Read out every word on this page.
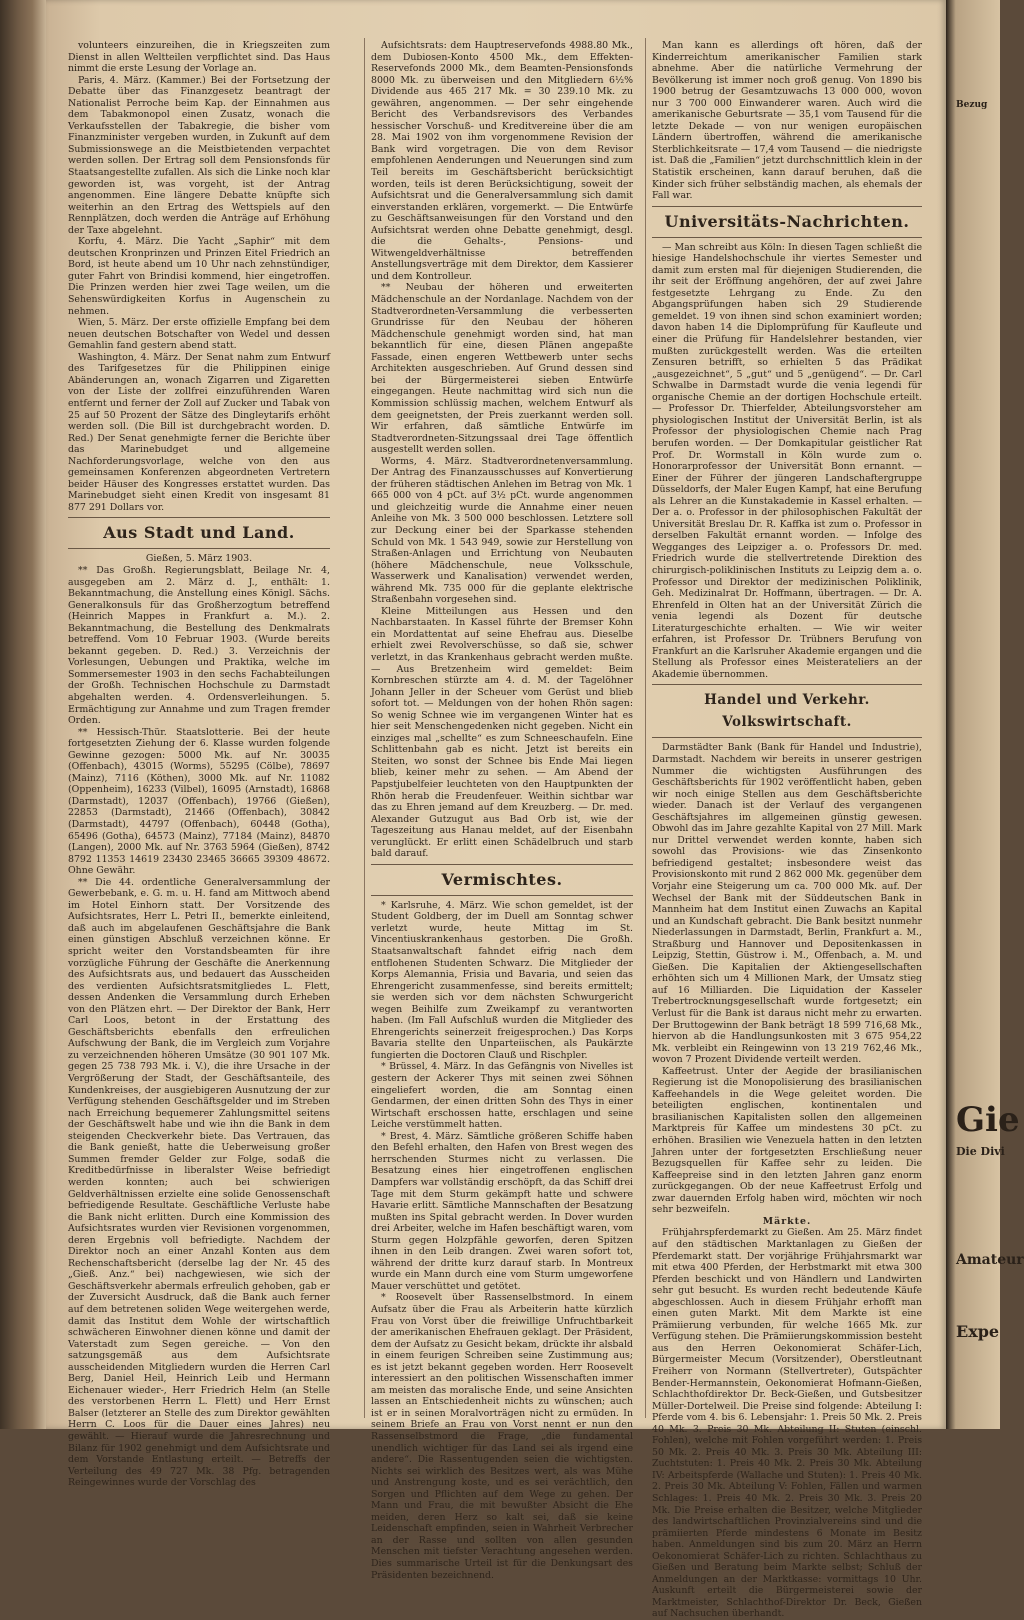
volunteers einzureihen, die in Kriegszeiten zum Dienst in allen Weltteilen verpflichtet sind. Das Haus nimmt die erste Lesung der Vorlage an.

Paris, 4. März. (Kammer.) Bei der Fortsetzung der Debatte über das Finanzgesetz beantragt der Nationalist Perroche beim Kap. der Einnahmen aus dem Tabakmonopol einen Zusatz, wonach die Verkaufsstellen der Tabakregie, die bisher vom Finanzminister vergeben wurden, in Zukunft auf dem Submissionswege an die Meistbietenden verpachtet werden sollen. Der Ertrag soll dem Pensionsfonds für Staatsangestellte zufallen. Als sich die Linke noch klar geworden ist, was vorgeht, ist der Antrag angenommen. Eine längere Debatte knüpfte sich weiterhin an den Ertrag des Wettspiels auf den Rennplätzen, doch werden die Anträge auf Erhöhung der Taxe abgelehnt.

Korfu, 4. März. Die Yacht „Saphir“ mit dem deutschen Kronprinzen und Prinzen Eitel Friedrich an Bord, ist heute abend um 10 Uhr nach zehnstündiger, guter Fahrt von Brindisi kommend, hier eingetroffen. Die Prinzen werden hier zwei Tage weilen, um die Sehenswürdigkeiten Korfus in Augenschein zu nehmen.

Wien, 5. März. Der erste offizielle Empfang bei dem neuen deutschen Botschafter von Wedel und dessen Gemahlin fand gestern abend statt.

Washington, 4. März. Der Senat nahm zum Entwurf des Tarifgesetzes für die Philippinen einige Abänderungen an, wonach Zigarren und Zigaretten von der Liste der zollfrei einzuführenden Waren entfernt und ferner der Zoll auf Zucker und Tabak von 25 auf 50 Prozent der Sätze des Dingleytarifs erhöht werden soll. (Die Bill ist durchgebracht worden. D. Red.) Der Senat genehmigte ferner die Berichte über das Marinebudget und allgemeine Nachforderungsvorlage, welche von den aus gemeinsamen Konferenzen abgeordneten Vertretern beider Häuser des Kongresses erstattet wurden. Das Marinebudget sieht einen Kredit von insgesamt 81 877 291 Dollars vor.

Aus Stadt und Land.

Gießen, 5. März 1903.

** Das Großh. Regierungsblatt, Beilage Nr. 4, ausgegeben am 2. März d. J., enthält: 1. Bekanntmachung, die Anstellung eines Königl. Sächs. Generalkonsuls für das Großherzogtum betreffend (Heinrich Mappes in Frankfurt a. M.). 2. Bekanntmachung, die Bestellung des Denkmalrats betreffend. Vom 10 Februar 1903. (Wurde bereits bekannt gegeben. D. Red.) 3. Verzeichnis der Vorlesungen, Uebungen und Praktika, welche im Sommersemester 1903 in den sechs Fachabteilungen der Großh. Technischen Hochschule zu Darmstadt abgehalten werden. 4. Ordensverleihungen. 5. Ermächtigung zur Annahme und zum Tragen fremder Orden.

** Hessisch-Thür. Staatslotterie. Bei der heute fortgesetzten Ziehung der 6. Klasse wurden folgende Gewinne gezogen: 5000 Mk. auf Nr. 30035 (Offenbach), 43015 (Worms), 55295 (Cölbe), 78697 (Mainz), 7116 (Köthen), 3000 Mk. auf Nr. 11082 (Oppenheim), 16233 (Vilbel), 16095 (Arnstadt), 16868 (Darmstadt), 12037 (Offenbach), 19766 (Gießen), 22853 (Darmstadt), 21466 (Offenbach), 30842 (Darmstadt), 44797 (Offenbach), 60448 (Gotha), 65496 (Gotha), 64573 (Mainz), 77184 (Mainz), 84870 (Langen), 2000 Mk. auf Nr. 3763 5964 (Gießen), 8742 8792 11353 14619 23430 23465 36665 39309 48672. Ohne Gewähr.

** Die 44. ordentliche Generalversammlung der Gewerbebank, e. G. m. u. H. fand am Mittwoch abend im Hotel Einhorn statt. Der Vorsitzende des Aufsichtsrates, Herr L. Petri II., bemerkte einleitend, daß auch im abgelaufenen Geschäftsjahre die Bank einen günstigen Abschluß verzeichnen könne. Er spricht weiter den Vorstandsbeamten für ihre vorzügliche Führung der Geschäfte die Anerkennung des Aufsichtsrats aus, und bedauert das Ausscheiden des verdienten Aufsichtsratsmitgliedes L. Flett, dessen Andenken die Versammlung durch Erheben von den Plätzen ehrt. — Der Direktor der Bank, Herr Carl Loos, betont in der Erstattung des Geschäftsberichts ebenfalls den erfreulichen Aufschwung der Bank, die im Vergleich zum Vorjahre zu verzeichnenden höheren Umsätze (30 901 107 Mk. gegen 25 738 793 Mk. i. V.), die ihre Ursache in der Vergrößerung der Stadt, der Geschäftsanteile, des Kundenkreises, der ausgiebigeren Ausnutzung der zur Verfügung stehenden Geschäftsgelder und im Streben nach Erreichung bequemerer Zahlungsmittel seitens der Geschäftswelt habe und wie ihn die Bank in dem steigenden Checkverkehr biete. Das Vertrauen, das die Bank genießt, hatte die Ueberweisung großer Summen fremder Gelder zur Folge, sodaß die Kreditbedürfnisse in liberalster Weise befriedigt werden konnten; auch bei schwierigen Geldverhältnissen erzielte eine solide Genossenschaft befriedigende Resultate. Geschäftliche Verluste habe die Bank nicht erlitten. Durch eine Kommission des Aufsichtsrates wurden vier Revisionen vorgenommen, deren Ergebnis voll befriedigte. Nachdem der Direktor noch an einer Anzahl Konten aus dem Rechenschaftsbericht (derselbe lag der Nr. 45 des „Gieß. Anz.“ bei) nachgewiesen, wie sich der Geschäftsverkehr abermals erfreulich gehoben, gab er der Zuversicht Ausdruck, daß die Bank auch ferner auf dem betretenen soliden Wege weitergehen werde, damit das Institut dem Wohle der wirtschaftlich schwächeren Einwohner dienen könne und damit der Vaterstadt zum Segen gereiche. — Von den satzungsgemäß aus dem Aufsichtsrate ausscheidenden Mitgliedern wurden die Herren Carl Berg, Daniel Heil, Heinrich Leib und Hermann Eichenauer wieder-, Herr Friedrich Helm (an Stelle des verstorbenen Herrn L. Flett) und Herr Ernst Balser (letzterer an Stelle des zum Direktor gewählten Herrn C. Loos für die Dauer eines Jahres) neu gewählt. — Hierauf wurde die Jahresrechnung und Bilanz für 1902 genehmigt und dem Aufsichtsrate und dem Vorstande Entlastung erteilt. — Betreffs der Verteilung des 49 727 Mk. 38 Pfg. betragenden Reingewinnes wurde der Vorschlag des

Aufsichtsrats: dem Hauptreservefonds 4988.80 Mk., dem Dubiosen-Konto 4500 Mk., dem Effekten-Reservefonds 2000 Mk., dem Beamten-Pensionsfonds 8000 Mk. zu überweisen und den Mitgliedern 6½% Dividende aus 465 217 Mk. = 30 239.10 Mk. zu gewähren, angenommen. — Der sehr eingehende Bericht des Verbandsrevisors des Verbandes hessischer Vorschuß- und Kreditvereine über die am 28. Mai 1902 von ihm vorgenommene Revision der Bank wird vorgetragen. Die von dem Revisor empfohlenen Aenderungen und Neuerungen sind zum Teil bereits im Geschäftsbericht berücksichtigt worden, teils ist deren Berücksichtigung, soweit der Aufsichtsrat und die Generalversammlung sich damit einverstanden erklären, vorgemerkt. — Die Entwürfe zu Geschäftsanweisungen für den Vorstand und den Aufsichtsrat werden ohne Debatte genehmigt, desgl. die die Gehalts-, Pensions- und Witwengeldverhältnisse betreffenden Anstellungsverträge mit dem Direktor, dem Kassierer und dem Kontrolleur.

** Neubau der höheren und erweiterten Mädchenschule an der Nordanlage. Nachdem von der Stadtverordneten-Versammlung die verbesserten Grundrisse für den Neubau der höheren Mädchenschule genehmigt worden sind, hat man bekanntlich für eine, diesen Plänen angepaßte Fassade, einen engeren Wettbewerb unter sechs Architekten ausgeschrieben. Auf Grund dessen sind bei der Bürgermeisterei sieben Entwürfe eingegangen. Heute nachmittag wird sich nun die Kommission schlüssig machen, welchem Entwurf als dem geeignetsten, der Preis zuerkannt werden soll. Wir erfahren, daß sämtliche Entwürfe im Stadtverordneten-Sitzungssaal drei Tage öffentlich ausgestellt werden sollen.

Worms, 4. März. Stadtverordnetenversammlung. Der Antrag des Finanzausschusses auf Konvertierung der früheren städtischen Anlehen im Betrag von Mk. 1 665 000 von 4 pCt. auf 3½ pCt. wurde angenommen und gleichzeitig wurde die Annahme einer neuen Anleihe von Mk. 3 500 000 beschlossen. Letztere soll zur Deckung einer bei der Sparkasse stehenden Schuld von Mk. 1 543 949, sowie zur Herstellung von Straßen-Anlagen und Errichtung von Neubauten (höhere Mädchenschule, neue Volksschule, Wasserwerk und Kanalisation) verwendet werden, während Mk. 735 000 für die geplante elektrische Straßenbahn vorgesehen sind.

Kleine Mitteilungen aus Hessen und den Nachbarstaaten. In Kassel führte der Bremser Kohn ein Mordattentat auf seine Ehefrau aus. Dieselbe erhielt zwei Revolverschüsse, so daß sie, schwer verletzt, in das Krankenhaus gebracht werden mußte. — Aus Bretzenheim wird gemeldet: Beim Kornbreschen stürzte am 4. d. M. der Tagelöhner Johann Jeller in der Scheuer vom Gerüst und blieb sofort tot. — Meldungen von der hohen Rhön sagen: So wenig Schnee wie im vergangenen Winter hat es hier seit Menschengedenken nicht gegeben. Nicht ein einziges mal „schellte“ es zum Schneeschaufeln. Eine Schlittenbahn gab es nicht. Jetzt ist bereits ein Steiten, wo sonst der Schnee bis Ende Mai liegen blieb, keiner mehr zu sehen. — Am Abend der Papstjubelfeier leuchteten von den Hauptpunkten der Rhön herab die Freudenfeuer. Weithin sichtbar war das zu Ehren jemand auf dem Kreuzberg. — Dr. med. Alexander Gutzugut aus Bad Orb ist, wie der Tageszeitung aus Hanau meldet, auf der Eisenbahn verunglückt. Er erlitt einen Schädelbruch und starb bald darauf.

Vermischtes.

* Karlsruhe, 4. März. Wie schon gemeldet, ist der Student Goldberg, der im Duell am Sonntag schwer verletzt wurde, heute Mittag im St. Vincentiuskrankenhaus gestorben. Die Großh. Staatsanwaltschaft fahndet eifrig nach dem entflohenen Studenten Schwarz. Die Mitglieder der Korps Alemannia, Frisia und Bavaria, und seien das Ehrengericht zusammenfesse, sind bereits ermittelt; sie werden sich vor dem nächsten Schwurgericht wegen Beihilfe zum Zweikampf zu verantworten haben. (Im Fall Aufschluß wurden die Mitglieder des Ehrengerichts seinerzeit freigesprochen.) Das Korps Bavaria stellte den Unparteiischen, als Paukärzte fungierten die Doctoren Clauß und Rischpler.

* Brüssel, 4. März. In das Gefängnis von Nivelles ist gestern der Ackerer Thys mit seinen zwei Söhnen eingeliefert worden, die am Sonntag einen Gendarmen, der einen dritten Sohn des Thys in einer Wirtschaft erschossen hatte, erschlagen und seine Leiche verstümmelt hatten.

* Brest, 4. März. Sämtliche größeren Schiffe haben den Befehl erhalten, den Hafen von Brest wegen des herrschenden Sturmes nicht zu verlassen. Die Besatzung eines hier eingetroffenen englischen Dampfers war vollständig erschöpft, da das Schiff drei Tage mit dem Sturm gekämpft hatte und schwere Havarie erlitt. Sämtliche Mannschaften der Besatzung mußten ins Spital gebracht werden. In Dover wurden drei Arbeiter, welche im Hafen beschäftigt waren, vom Sturm gegen Holzpfähle geworfen, deren Spitzen ihnen in den Leib drangen. Zwei waren sofort tot, während der dritte kurz darauf starb. In Montreux wurde ein Mann durch eine vom Sturm umgeworfene Mauer verschüttet und getötet.

* Roosevelt über Rassenselbstmord. In einem Aufsatz über die Frau als Arbeiterin hatte kürzlich Frau von Vorst über die freiwillige Unfruchtbarkeit der amerikanischen Ehefrauen geklagt. Der Präsident, dem der Aufsatz zu Gesicht bekam, drückte ihr alsbald in einem feurigen Schreiben seine Zustimmung aus; es ist jetzt bekannt gegeben worden. Herr Roosevelt interessiert an den politischen Wissenschaften immer am meisten das moralische Ende, und seine Ansichten lassen an Entschiedenheit nichts zu wünschen; auch ist er in seinen Moralvorträgen nicht zu ermüden. In seinem Briefe an Frau von Vorst nennt er nun den Rassenselbstmord die Frage, „die fundamental unendlich wichtiger für das Land sei als irgend eine andere“. Die Rassentugenden seien die wichtigsten. Nichts sei wirklich des Besitzes wert, als was Mühe und Anstrengung koste, und es sei verächtlich, den Sorgen und Pflichten auf dem Wege zu gehen. Der Mann und Frau, die mit bewußter Absicht die Ehe meiden, deren Herz so kalt sei, daß sie keine Leidenschaft empfinden, seien in Wahrheit Verbrecher an der Rasse und sollten von allen gesunden Menschen mit tiefster Verachtung angesehen werden. Dies summarische Urteil ist für die Denkungsart des Präsidenten bezeichnend.

Man kann es allerdings oft hören, daß der Kinderreichtum amerikanischer Familien stark abnehme. Aber die natürliche Vermehrung der Bevölkerung ist immer noch groß genug. Von 1890 bis 1900 betrug der Gesamtzuwachs 13 000 000, wovon nur 3 700 000 Einwanderer waren. Auch wird die amerikanische Geburtsrate — 35,1 vom Tausend für die letzte Dekade — von nur wenigen europäischen Ländern übertroffen, während die amerikanische Sterblichkeitsrate — 17,4 vom Tausend — die niedrigste ist. Daß die „Familien“ jetzt durchschnittlich klein in der Statistik erscheinen, kann darauf beruhen, daß die Kinder sich früher selbständig machen, als ehemals der Fall war.

Universitäts-Nachrichten.

— Man schreibt aus Köln: In diesen Tagen schließt die hiesige Handelshochschule ihr viertes Semester und damit zum ersten mal für diejenigen Studierenden, die ihr seit der Eröffnung angehören, der auf zwei Jahre festgesetzte Lehrgang zu Ende. Zu den Abgangsprüfungen haben sich 29 Studierende gemeldet. 19 von ihnen sind schon examiniert worden; davon haben 14 die Diplomprüfung für Kaufleute und einer die Prüfung für Handelslehrer bestanden, vier mußten zurückgestellt werden. Was die erteilten Zensuren betrifft, so erhielten 5 das Prädikat „ausgezeichnet“, 5 „gut“ und 5 „genügend“. — Dr. Carl Schwalbe in Darmstadt wurde die venia legendi für organische Chemie an der dortigen Hochschule erteilt. — Professor Dr. Thierfelder, Abteilungsvorsteher am physiologischen Institut der Universität Berlin, ist als Professor der physiologischen Chemie nach Prag berufen worden. — Der Domkapitular geistlicher Rat Prof. Dr. Wormstall in Köln wurde zum o. Honorarprofessor der Universität Bonn ernannt. — Einer der Führer der jüngeren Landschaftergruppe Düsseldorfs, der Maler Eugen Kampf, hat eine Berufung als Lehrer an die Kunstakademie in Kassel erhalten. — Der a. o. Professor in der philosophischen Fakultät der Universität Breslau Dr. R. Kaffka ist zum o. Professor in derselben Fakultät ernannt worden. — Infolge des Wegganges des Leipziger a. o. Professors Dr. med. Friedrich wurde die stellvertretende Direktion des chirurgisch-poliklinischen Instituts zu Leipzig dem a. o. Professor und Direktor der medizinischen Poliklinik, Geh. Medizinalrat Dr. Hoffmann, übertragen. — Dr. A. Ehrenfeld in Olten hat an der Universität Zürich die venia legendi als Dozent für deutsche Literaturgeschichte erhalten. — Wie wir weiter erfahren, ist Professor Dr. Trübners Berufung von Frankfurt an die Karlsruher Akademie ergangen und die Stellung als Professor eines Meisterateliers an der Akademie übernommen.

Handel und Verkehr. Volkswirtschaft.

Darmstädter Bank (Bank für Handel und Industrie), Darmstadt. Nachdem wir bereits in unserer gestrigen Nummer die wichtigsten Ausführungen des Geschäftsberichts für 1902 veröffentlicht haben, geben wir noch einige Stellen aus dem Geschäftsberichte wieder. Danach ist der Verlauf des vergangenen Geschäftsjahres im allgemeinen günstig gewesen. Obwohl das im Jahre gezahlte Kapital von 27 Mill. Mark nur Drittel verwendet werden konnte, haben sich sowohl das Provisions- wie das Zinsenkonto befriedigend gestaltet; insbesondere weist das Provisionskonto mit rund 2 862 000 Mk. gegenüber dem Vorjahr eine Steigerung um ca. 700 000 Mk. auf. Der Wechsel der Bank mit der Süddeutschen Bank in Mannheim hat dem Institut einen Zuwachs an Kapital und an Kundschaft gebracht. Die Bank besitzt nunmehr Niederlassungen in Darmstadt, Berlin, Frankfurt a. M., Straßburg und Hannover und Depositenkassen in Leipzig, Stettin, Güstrow i. M., Offenbach, a. M. und Gießen. Die Kapitalien der Aktiengesellschaften erhöhten sich um 4 Millionen Mark, der Umsatz stieg auf 16 Milliarden. Die Liquidation der Kasseler Trebertrocknungsgesellschaft wurde fortgesetzt; ein Verlust für die Bank ist daraus nicht mehr zu erwarten. Der Bruttogewinn der Bank beträgt 18 599 716,68 Mk., hiervon ab die Handlungsunkosten mit 3 675 954,22 Mk. verbleibt ein Reingewinn von 13 219 762,46 Mk., wovon 7 Prozent Dividende verteilt werden.

Kaffeetrust. Unter der Aegide der brasilianischen Regierung ist die Monopolisierung des brasilianischen Kaffeehandels in die Wege geleitet worden. Die beteiligten englischen, kontinentalen und brasilianischen Kapitalisten sollen den allgemeinen Marktpreis für Kaffee um mindestens 30 pCt. zu erhöhen. Brasilien wie Venezuela hatten in den letzten Jahren unter der fortgesetzten Erschließung neuer Bezugsquellen für Kaffee sehr zu leiden. Die Kaffeepreise sind in den letzten Jahren ganz enorm zurückgegangen. Ob der neue Kaffeetrust Erfolg und zwar dauernden Erfolg haben wird, möchten wir noch sehr bezweifeln.

Märkte.

Frühjahrspferdemarkt zu Gießen. Am 25. März findet auf den städtischen Marktanlagen zu Gießen der Pferdemarkt statt. Der vorjährige Frühjahrsmarkt war mit etwa 400 Pferden, der Herbstmarkt mit etwa 300 Pferden beschickt und von Händlern und Landwirten sehr gut besucht. Es wurden recht bedeutende Käufe abgeschlossen. Auch in diesem Frühjahr erhofft man einen guten Markt. Mit dem Markte ist eine Prämiierung verbunden, für welche 1665 Mk. zur Verfügung stehen. Die Prämiierungskommission besteht aus den Herren Oekonomierat Schäfer-Lich, Bürgermeister Mecum (Vorsitzender), Oberstleutnant Freiherr von Normann (Stellvertreter), Gutspächter Bender-Hermannstein, Oekonomierat Hofmann-Gießen, Schlachthofdirektor Dr. Beck-Gießen, und Gutsbesitzer Müller-Dortelweil. Die Preise sind folgende: Abteilung I: Pferde vom 4. bis 6. Lebensjahr: 1. Preis 50 Mk. 2. Preis 40 Mk. 3. Preis 30 Mk. Abteilung II: Stuten (einschl. Fohlen), welche mit Fohlen vorgeführt werden: 1. Preis 50 Mk. 2. Preis 40 Mk. 3. Preis 30 Mk. Abteilung III: Zuchtstuten: 1. Preis 40 Mk. 2. Preis 30 Mk. Abteilung IV: Arbeitspferde (Wallache und Stuten): 1. Preis 40 Mk. 2. Preis 30 Mk. Abteilung V: Fohlen, Fällen und warmen Schlages: 1. Preis 40 Mk. 2. Preis 30 Mk. 3. Preis 20 Mk. Die Preise erhalten die Besitzer, welche Mitglieder des landwirtschaftlichen Provinzialvereins sind und die prämiierten Pferde mindestens 6 Monate im Besitz haben. Anmeldungen sind bis zum 20. März an Herrn Oekonomierat Schäfer-Lich zu richten. Schlachthaus zu Gießen und Beratung beim Markte selbst; Schluß der Anmeldungen an der Marktkasse: vormittags 10 Uhr. Auskunft erteilt die Bürgermeisterei sowie der Marktmeister, Schlachthof-Direktor Dr. Beck, Gießen auf Nachsuchen überhandt.

Bezug
Gie
Die Divi
Amateur
Expe
